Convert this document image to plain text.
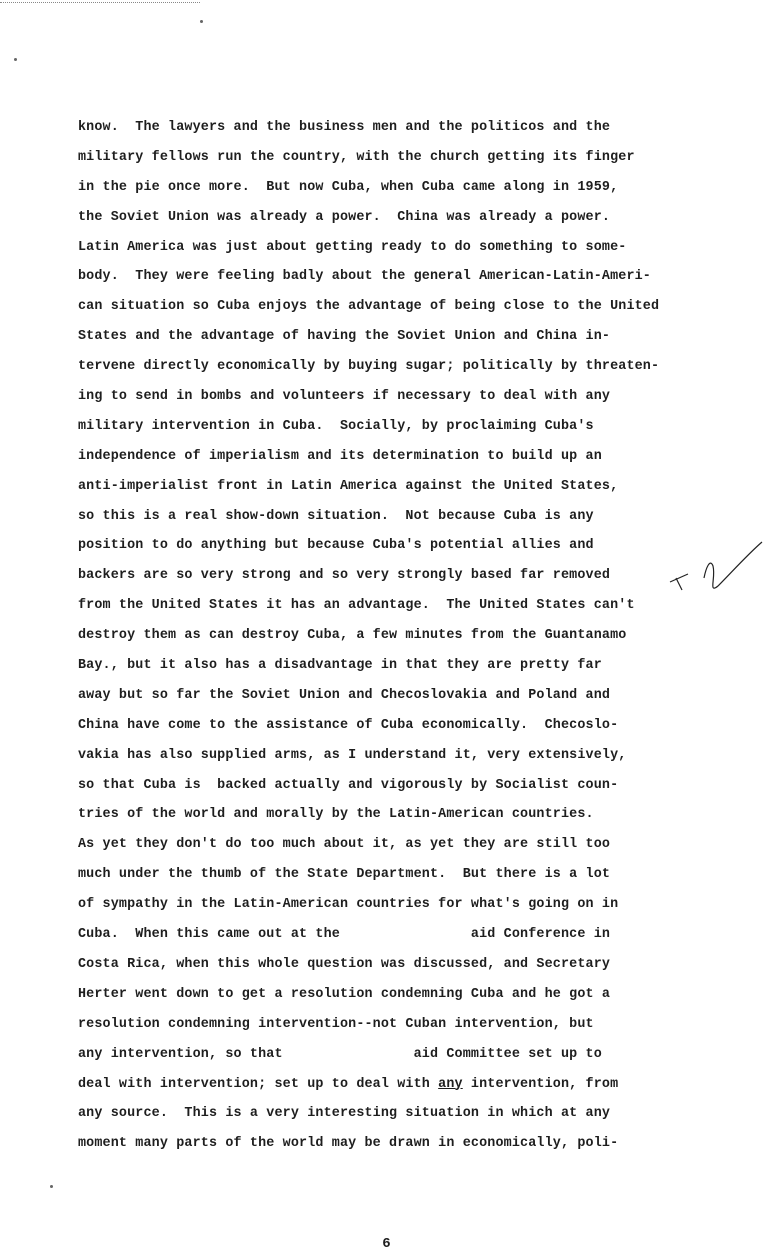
know.  The lawyers and the business men and the politicos and the
military fellows run the country, with the church getting its finger
in the pie once more.  But now Cuba, when Cuba came along in 1959,
the Soviet Union was already a power.  China was already a power.
Latin America was just about getting ready to do something to some-
body.  They were feeling badly about the general American-Latin-Ameri-
can situation so Cuba enjoys the advantage of being close to the United
States and the advantage of having the Soviet Union and China in-
tervene directly economically by buying sugar; politically by threaten-
ing to send in bombs and volunteers if necessary to deal with any
military intervention in Cuba.  Socially, by proclaiming Cuba's
independence of imperialism and its determination to build up an
anti-imperialist front in Latin America against the United States,
so this is a real show-down situation.  Not because Cuba is any
position to do anything but because Cuba's potential allies and
backers are so very strong and so very strongly based far removed
from the United States it has an advantage.  The United States can't
destroy them as can destroy Cuba, a few minutes from the Guantanamo
Bay., but it also has a disadvantage in that they are pretty far
away but so far the Soviet Union and Checoslovakia and Poland and
China have come to the assistance of Cuba economically.  Checoslo-
vakia has also supplied arms, as I understand it, very extensively,
so that Cuba is  backed actually and vigorously by Socialist coun-
tries of the world and morally by the Latin-American countries.
As yet they don't do too much about it, as yet they are still too
much under the thumb of the State Department.  But there is a lot
of sympathy in the Latin-American countries for what's going on in
Cuba.  When this came out at the                aid Conference in
Costa Rica, when this whole question was discussed, and Secretary
Herter went down to get a resolution condemning Cuba and he got a
resolution condemning intervention--not Cuban intervention, but
any intervention, so that                aid Committee set up to
deal with intervention; set up to deal with any intervention, from
any source.  This is a very interesting situation in which at any
moment many parts of the world may be drawn in economically, poli-
6
